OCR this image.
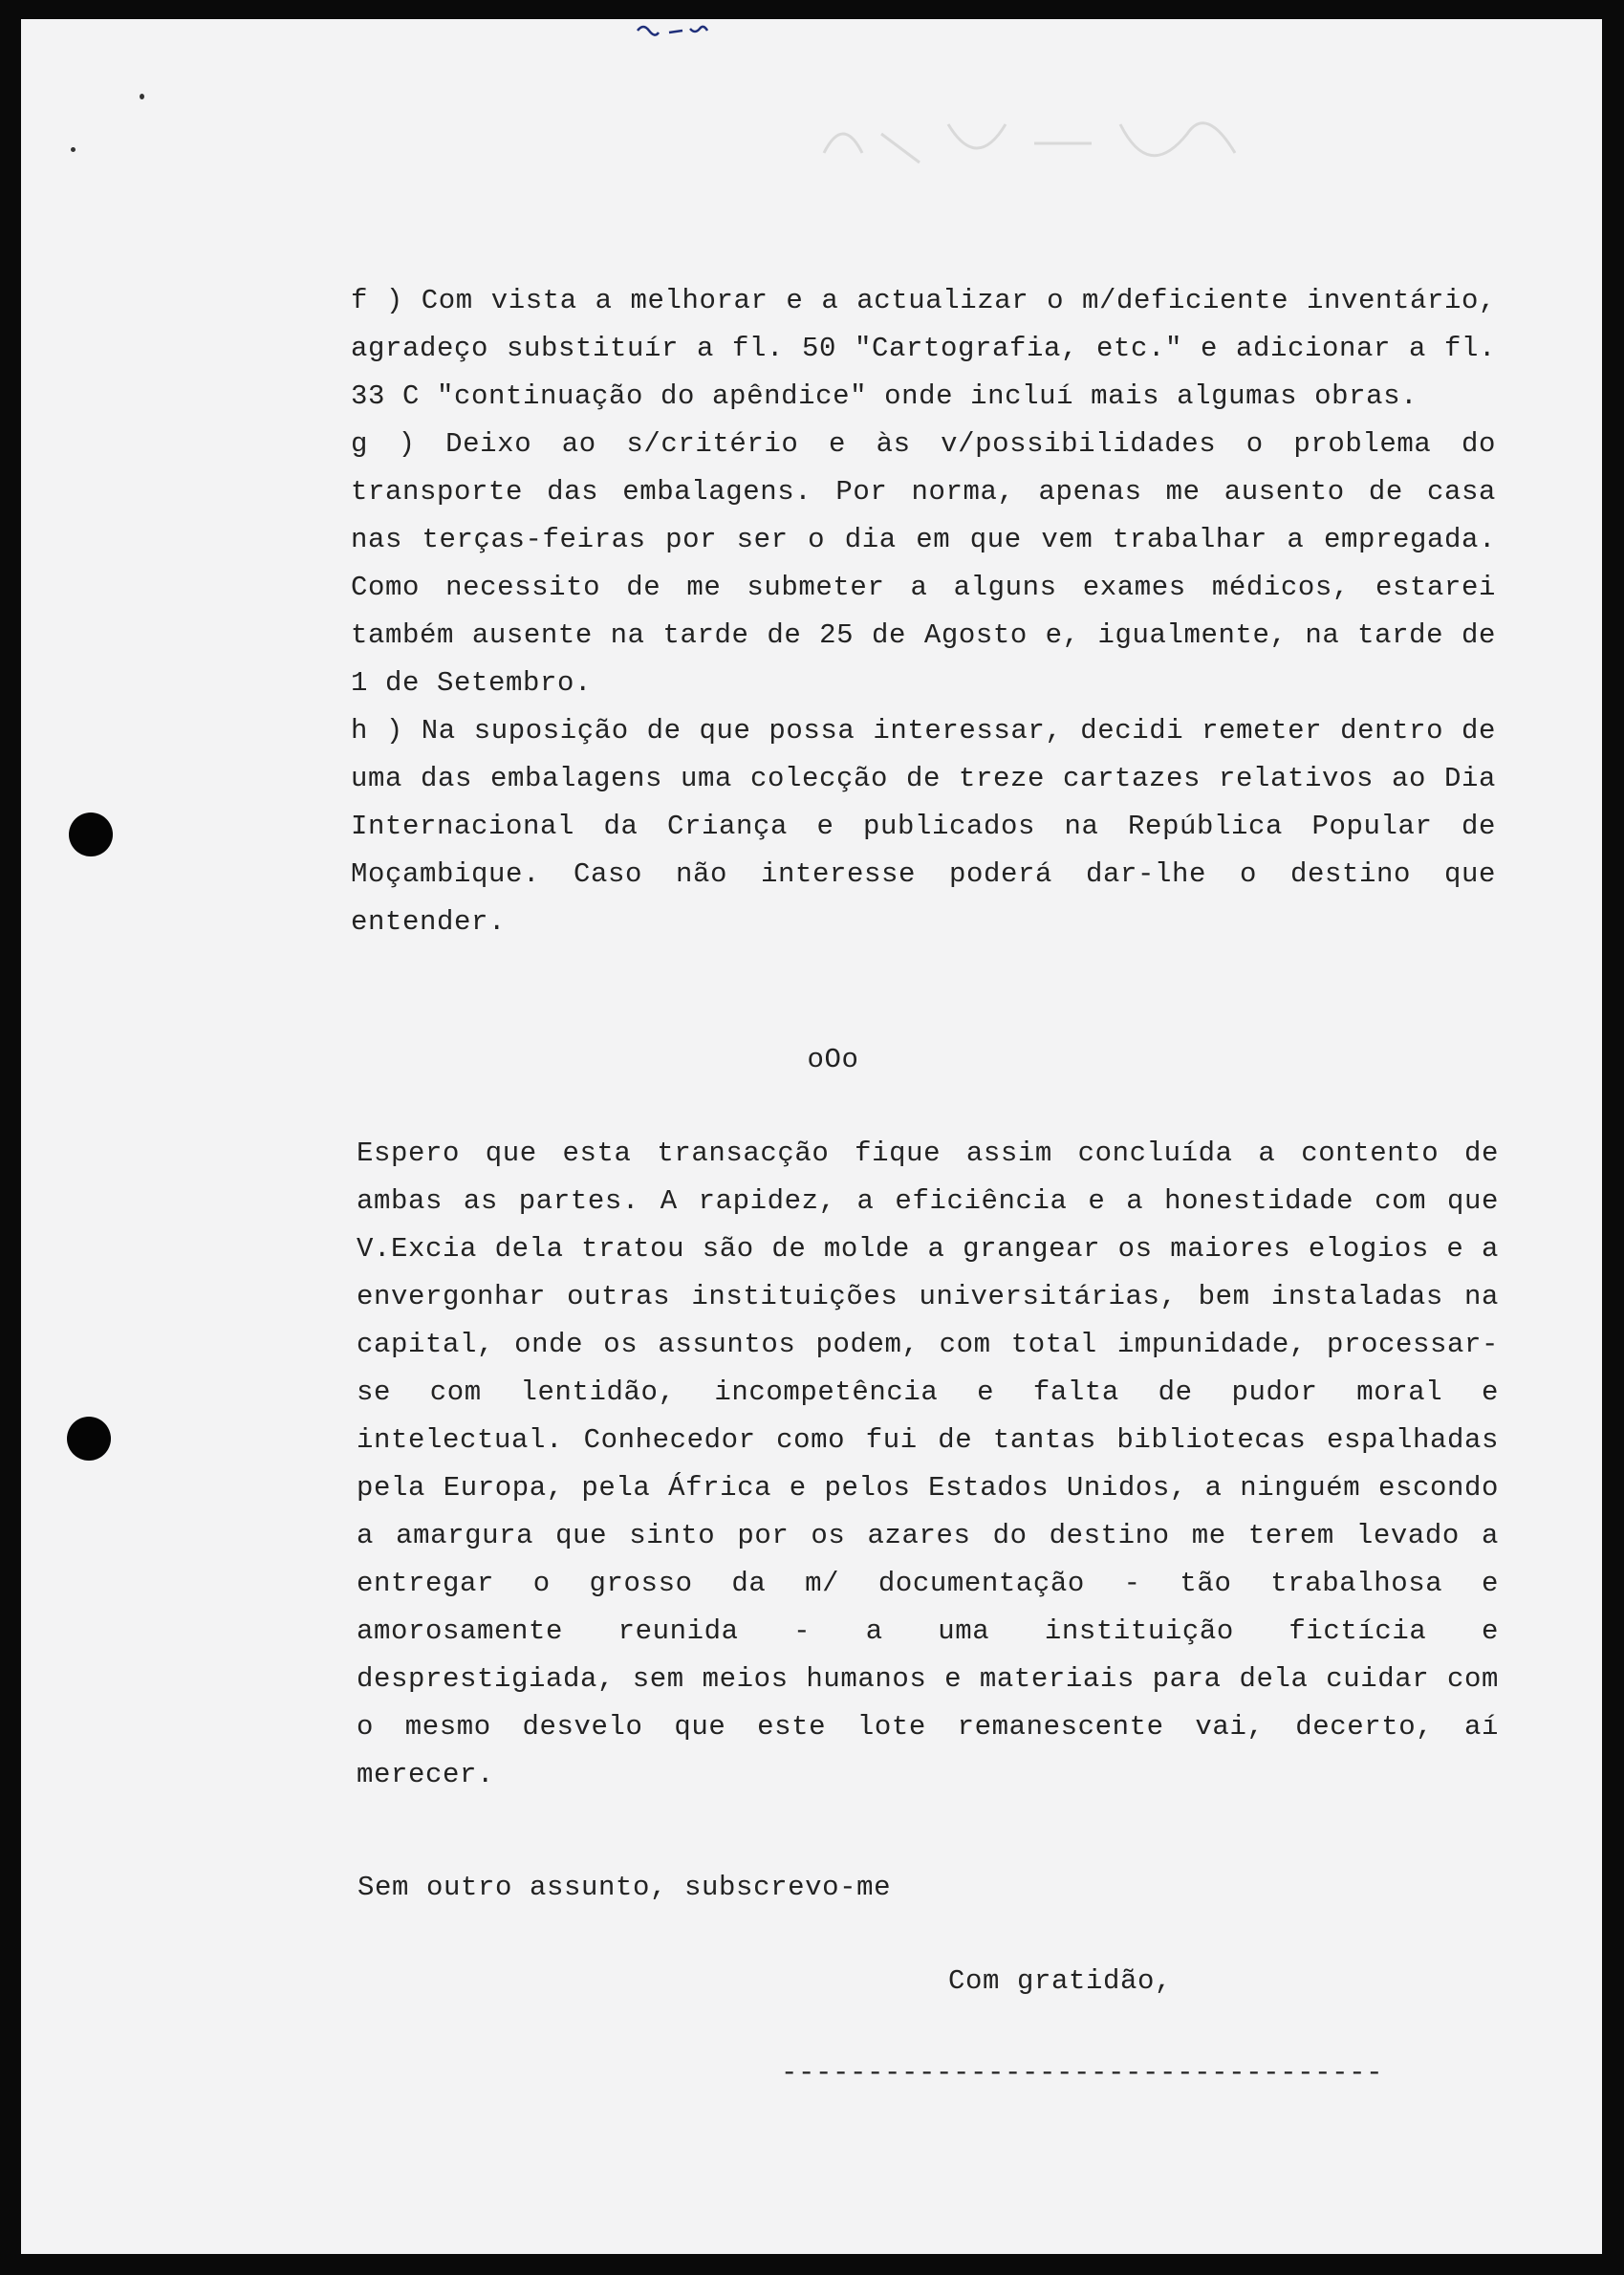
f ) Com vista a melhorar e a actualizar o m/deficiente inventário, agradeço substituír a fl. 50 "Cartografia, etc." e adicionar a fl. 33 C "continuação do apêndice" onde incluí mais algumas obras.

g ) Deixo ao s/critério e às v/possibilidades o problema do transporte das embalagens. Por norma, apenas me ausento de casa nas terças-feiras por ser o dia em que vem trabalhar a empregada. Como necessito de me submeter a alguns exames médicos, estarei também ausente na tarde de 25 de Agosto e, igualmente, na tarde de 1 de Setembro.

h ) Na suposição de que possa interessar, decidi remeter dentro de uma das embalagens uma colecção de treze cartazes relativos ao Dia Internacional da Criança e publicados na República Popular de Moçambique. Caso não interesse poderá dar-lhe o destino que entender.

oOo

Espero que esta transacção fique assim concluída a contento de ambas as partes. A rapidez, a eficiência e a honestidade com que V.Excia dela tratou são de molde a grangear os maiores elogios e a envergonhar outras instituições universitárias, bem instaladas na capital, onde os assuntos podem, com total impunidade, processar-se com lentidão, incompetência e falta de pudor moral e intelectual. Conhecedor como fui de tantas bibliotecas espalhadas pela Europa, pela África e pelos Estados Unidos, a ninguém escondo a amargura que sinto por os azares do destino me terem levado a entregar o grosso da m/ documentação - tão trabalhosa e amorosamente reunida - a uma instituição fictícia e desprestigiada, sem meios humanos e materiais para dela cuidar com o mesmo desvelo que este lote remanescente vai, decerto, aí merecer.

Sem outro assunto, subscrevo-me
Com gratidão,
-----------------------------------
